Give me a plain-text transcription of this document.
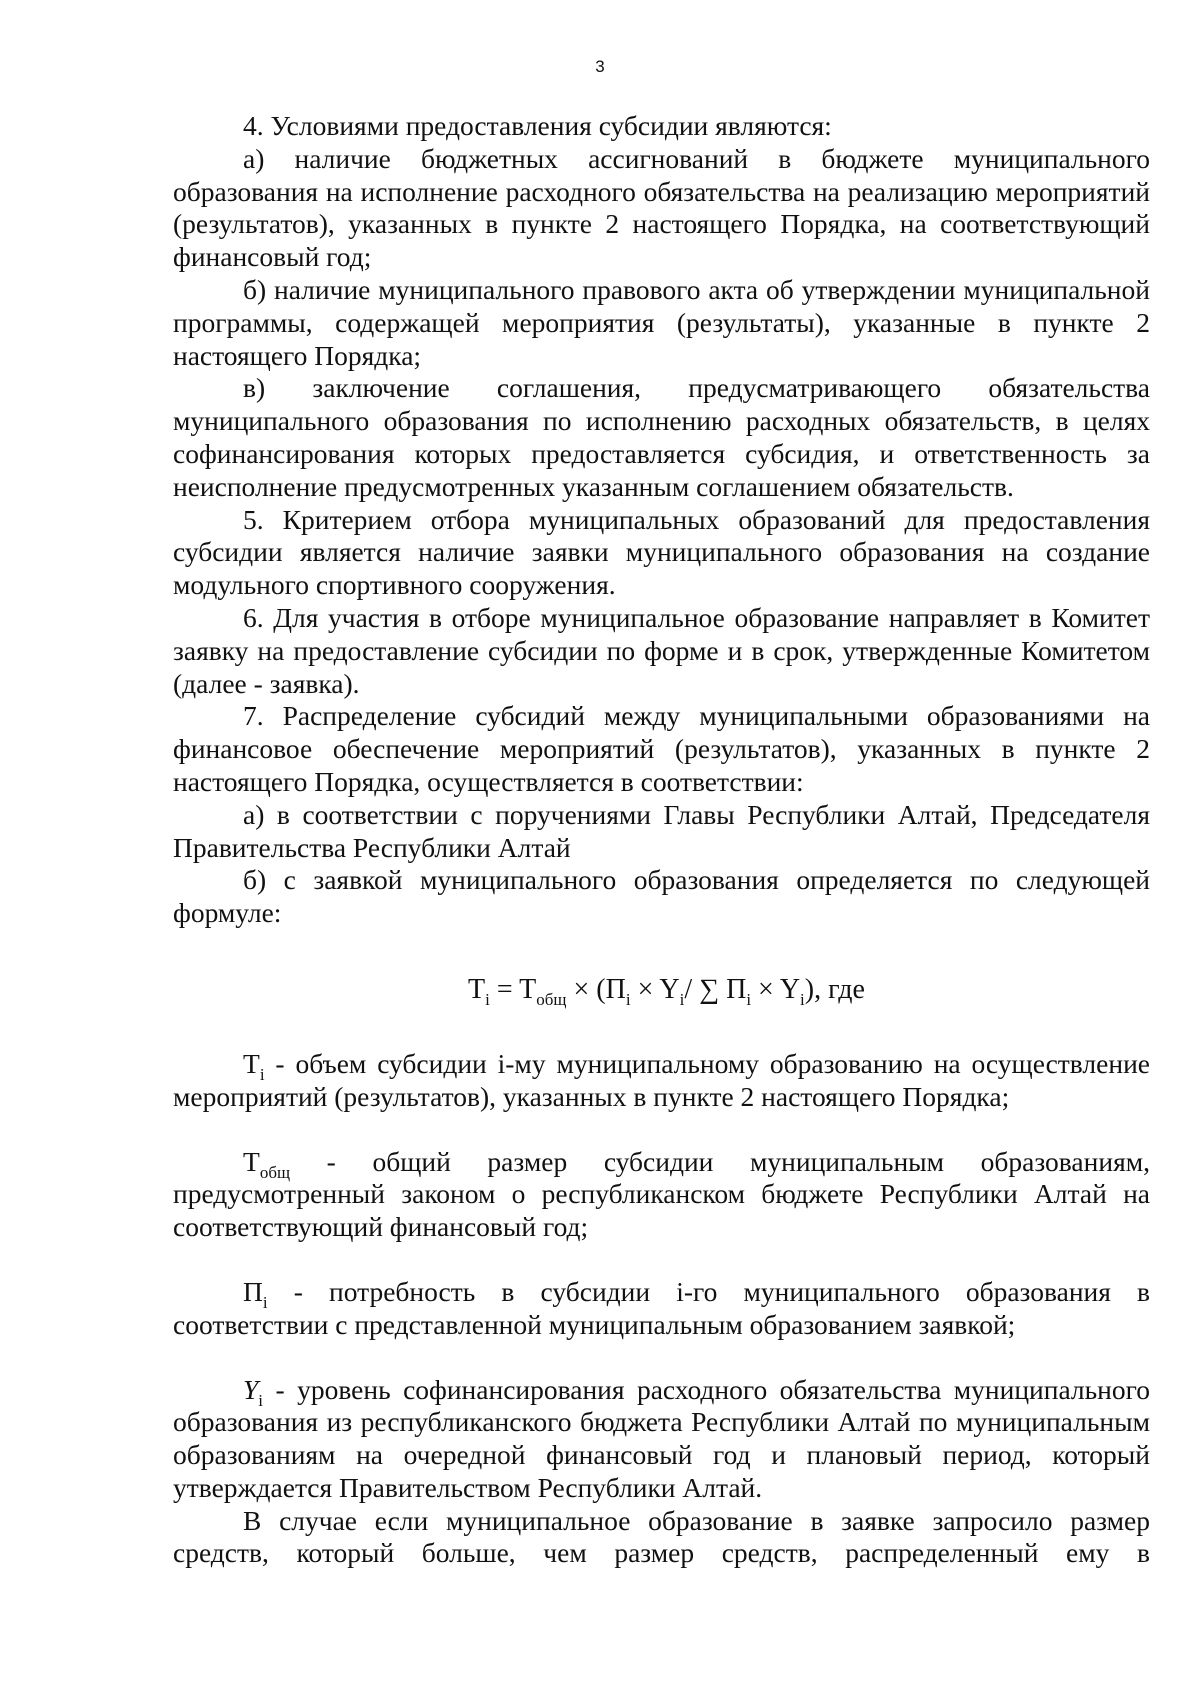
3

4. Условиями предоставления субсидии являются:

а) наличие бюджетных ассигнований в бюджете муниципального образования на исполнение расходного обязательства на реализацию мероприятий (результатов), указанных в пункте 2 настоящего Порядка, на соответствующий финансовый год;

б) наличие муниципального правового акта об утверждении муниципальной программы, содержащей мероприятия (результаты), указанные в пункте 2 настоящего Порядка;

в) заключение соглашения, предусматривающего обязательства муниципального образования по исполнению расходных обязательств, в целях софинансирования которых предоставляется субсидия, и ответственность за неисполнение предусмотренных указанным соглашением обязательств.

5. Критерием отбора муниципальных образований для предоставления субсидии является наличие заявки муниципального образования на создание модульного спортивного сооружения.

6. Для участия в отборе муниципальное образование направляет в Комитет заявку на предоставление субсидии по форме и в срок, утвержденные Комитетом (далее - заявка).

7. Распределение субсидий между муниципальными образованиями на финансовое обеспечение мероприятий (результатов), указанных в пункте 2 настоящего Порядка, осуществляется в соответствии:

а) в соответствии с поручениями Главы Республики Алтай, Председателя Правительства Республики Алтай

б) с заявкой муниципального образования определяется по следующей формуле:

$T_i = T_{общ} \times (П_i \times Y_i/$ ∑ $П_i \times Y_i$), где

$T_i$ - объем субсидии i-му муниципальному образованию на осуществление мероприятий (результатов), указанных в пункте 2 настоящего Порядка;

$T_{общ}$ - общий размер субсидии муниципальным образованиям, предусмотренный законом о республиканском бюджете Республики Алтай на соответствующий финансовый год;

$П_i$ - потребность в субсидии i-го муниципального образования в соответствии с представленной муниципальным образованием заявкой;

$Y_i$ - уровень софинансирования расходного обязательства муниципального образования из республиканского бюджета Республики Алтай по муниципальным образованиям на очередной финансовый год и плановый период, который утверждается Правительством Республики Алтай.

В случае если муниципальное образование в заявке запросило размер средств, который больше, чем размер средств, распределенный ему в
